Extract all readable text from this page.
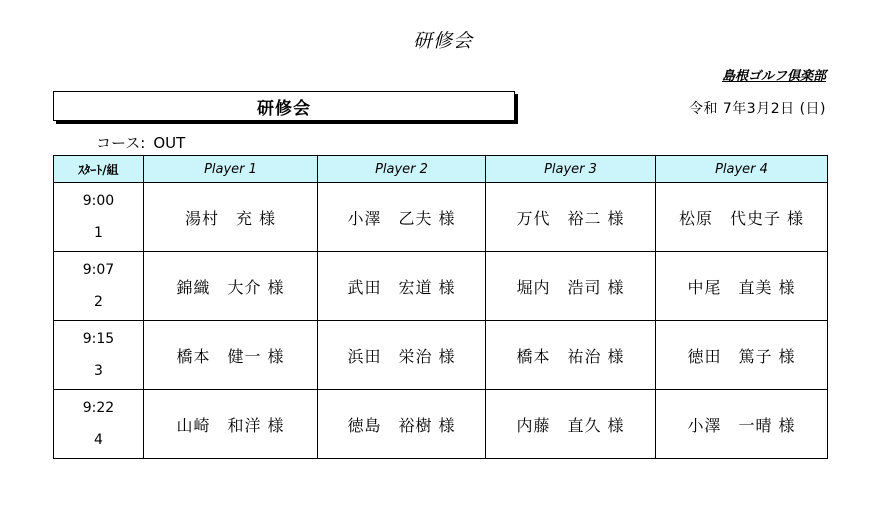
研修会
島根ゴルフ倶楽部
研修会	令和 7年3月2日 (日)
コース: OUT
ｽﾀｰﾄ/組	Player 1	Player 2	Player 3	Player 4

9:00
1	湯村　充 様	小澤　乙夫 様	万代　裕二 様	松原　代史子 様

9:07
2	錦織　大介 様	武田　宏道 様	堀内　浩司 様	中尾　直美 様

9:15
3	橋本　健一 様	浜田　栄治 様	橋本　祐治 様	徳田　篤子 様

9:22
4	山崎　和洋 様	徳島　裕樹 様	内藤　直久 様	小澤　一晴 様
